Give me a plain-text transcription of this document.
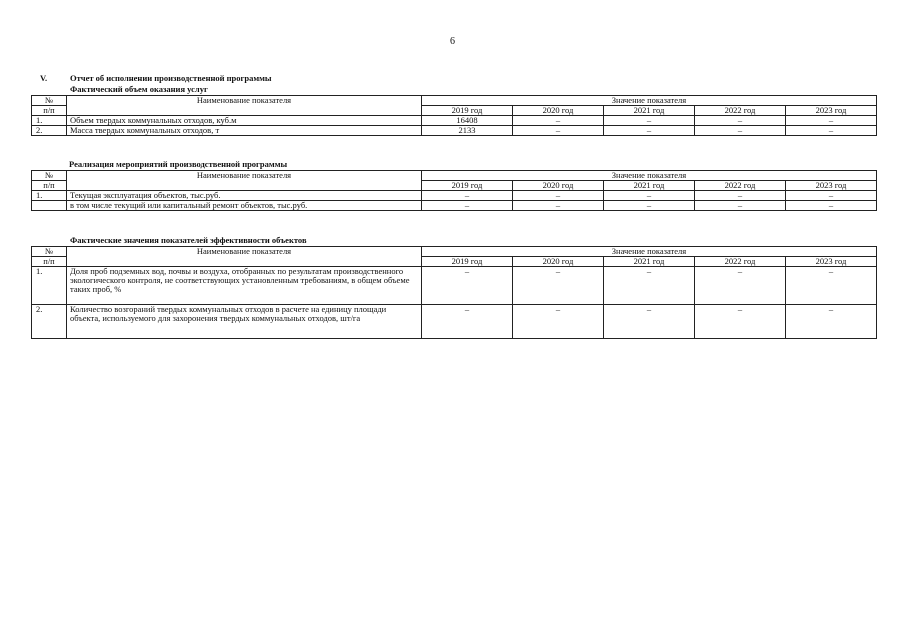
6
V.	Отчет об исполнении производственной программы
Фактический объем оказания услуг
№	Наименование показателя	Значение показателя				
п/п		2019 год	2020 год	2021 год	2022 год	2023 год
1.	Объем твердых коммунальных отходов, куб.м	16408	–	–	–	–
2.	Масса твердых коммунальных отходов, т	2133	–	–	–	–
Реализация мероприятий производственной программы
№	Наименование показателя	Значение показателя				
п/п		2019 год	2020 год	2021 год	2022 год	2023 год
1.	Текущая эксплуатация объектов, тыс.руб.	–	–	–	–	–
	в том числе текущий или капитальный ремонт объектов, тыс.руб.	–	–	–	–	–
Фактические значения показателей эффективности объектов
№	Наименование показателя	Значение показателя				
п/п		2019 год	2020 год	2021 год	2022 год	2023 год
1.	Доля проб подземных вод, почвы и воздуха, отобранных по результатам производственного экологического контроля, не соответствующих установленным требованиям, в общем объеме таких проб, %	–	–	–	–	–
2.	Количество возгораний твердых коммунальных отходов в расчете на единицу площади объекта, используемого для захоронения твердых коммунальных отходов, шт/га	–	–	–	–	–
